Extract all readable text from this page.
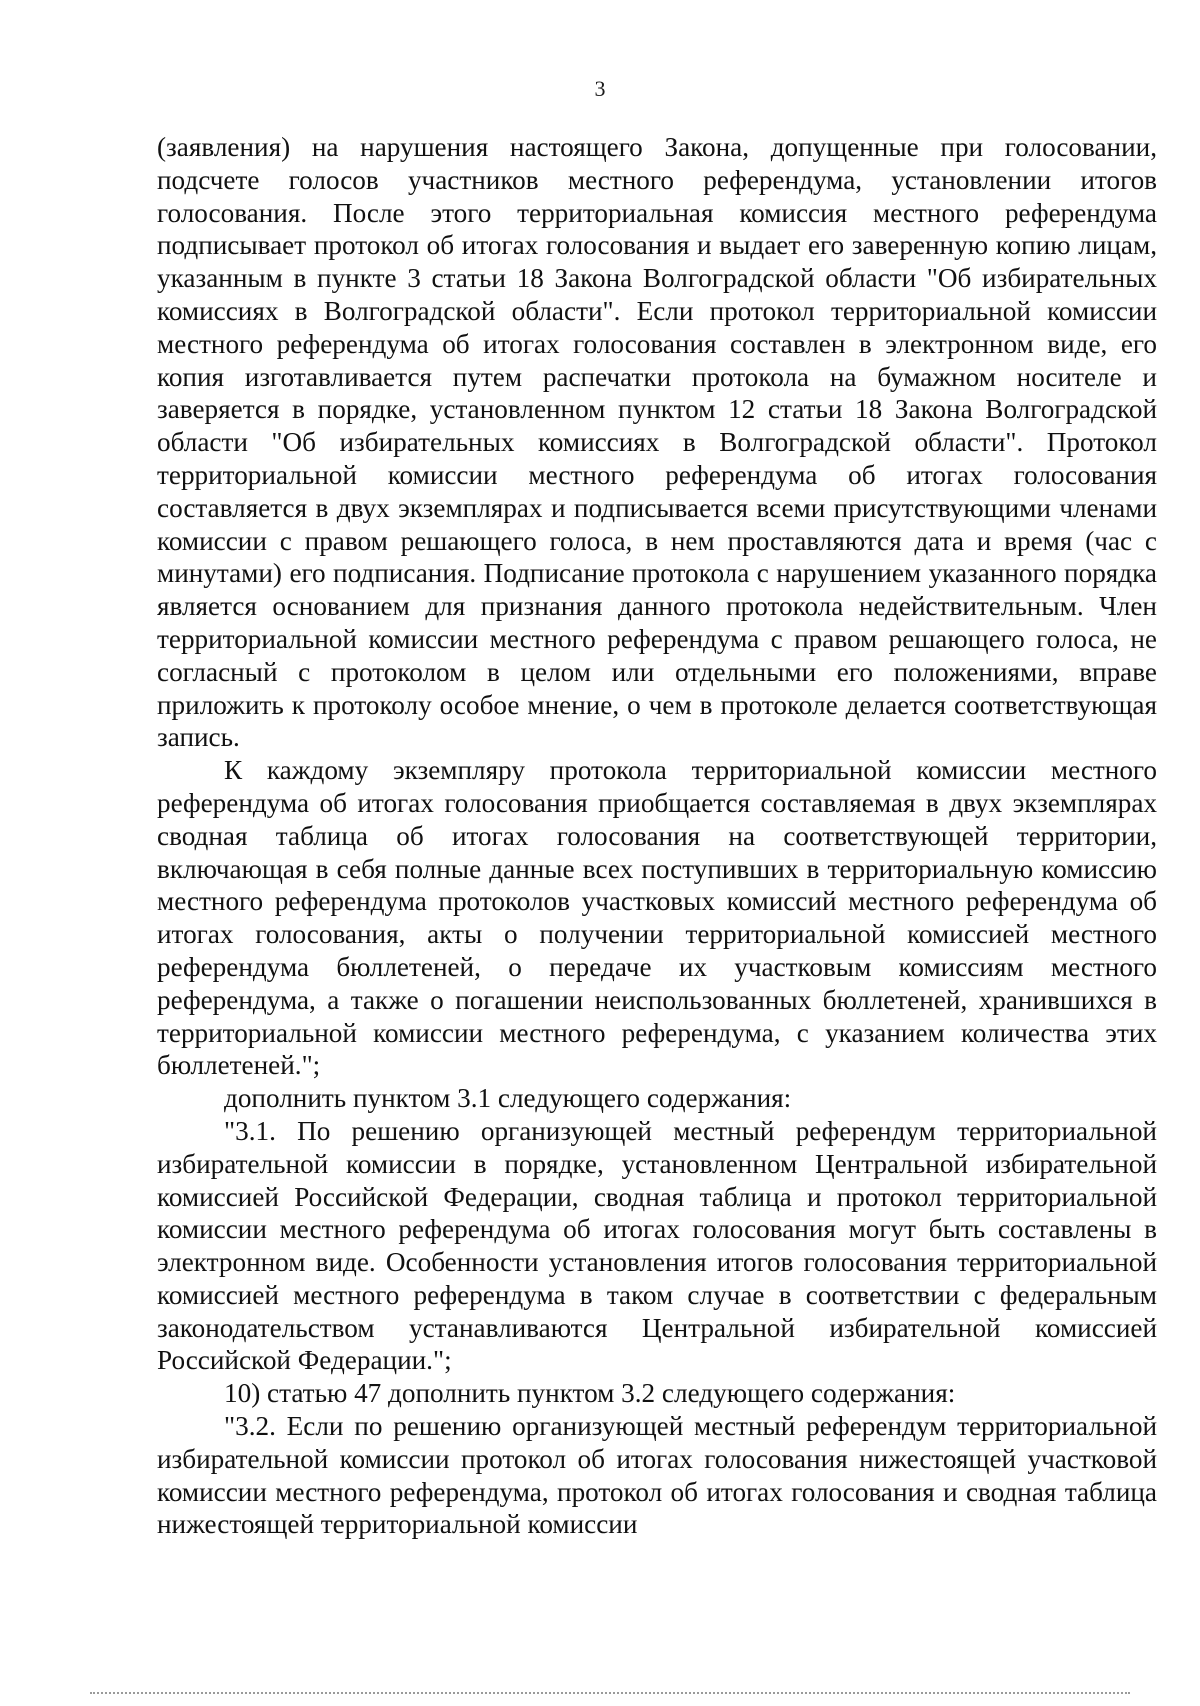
3

(заявления) на нарушения настоящего Закона, допущенные при голосовании, подсчете голосов участников местного референдума, установлении итогов голосования. После этого территориальная комиссия местного референдума подписывает протокол об итогах голосования и выдает его заверенную копию лицам, указанным в пункте 3 статьи 18 Закона Волгоградской области "Об избирательных комиссиях в Волгоградской области". Если протокол территориальной комиссии местного референдума об итогах голосования составлен в электронном виде, его копия изготавливается путем распечатки протокола на бумажном носителе и заверяется в порядке, установленном пунктом 12 статьи 18 Закона Волгоградской области "Об избирательных комиссиях в Волгоградской области". Протокол территориальной комиссии местного референдума об итогах голосования составляется в двух экземплярах и подписывается всеми присутствующими членами комиссии с правом решающего голоса, в нем проставляются дата и время (час с минутами) его подписания. Подписание протокола с нарушением указанного порядка является основанием для признания данного протокола недействительным. Член территориальной комиссии местного референдума с правом решающего голоса, не согласный с протоколом в целом или отдельными его положениями, вправе приложить к протоколу особое мнение, о чем в протоколе делается соответствующая запись.

К каждому экземпляру протокола территориальной комиссии местного референдума об итогах голосования приобщается составляемая в двух экземплярах сводная таблица об итогах голосования на соответствующей территории, включающая в себя полные данные всех поступивших в территориальную комиссию местного референдума протоколов участковых комиссий местного референдума об итогах голосования, акты о получении территориальной комиссией местного референдума бюллетеней, о передаче их участковым комиссиям местного референдума, а также о погашении неиспользованных бюллетеней, хранившихся в территориальной комиссии местного референдума, с указанием количества этих бюллетеней.";

дополнить пунктом 3.1 следующего содержания:

"3.1. По решению организующей местный референдум территориальной избирательной комиссии в порядке, установленном Центральной избирательной комиссией Российской Федерации, сводная таблица и протокол территориальной комиссии местного референдума об итогах голосования могут быть составлены в электронном виде. Особенности установления итогов голосования территориальной комиссией местного референдума в таком случае в соответствии с федеральным законодательством устанавливаются Центральной избирательной комиссией Российской Федерации.";

10) статью 47 дополнить пунктом 3.2 следующего содержания:

"3.2. Если по решению организующей местный референдум территориальной избирательной комиссии протокол об итогах голосования нижестоящей участковой комиссии местного референдума, протокол об итогах голосования и сводная таблица нижестоящей территориальной комиссии
